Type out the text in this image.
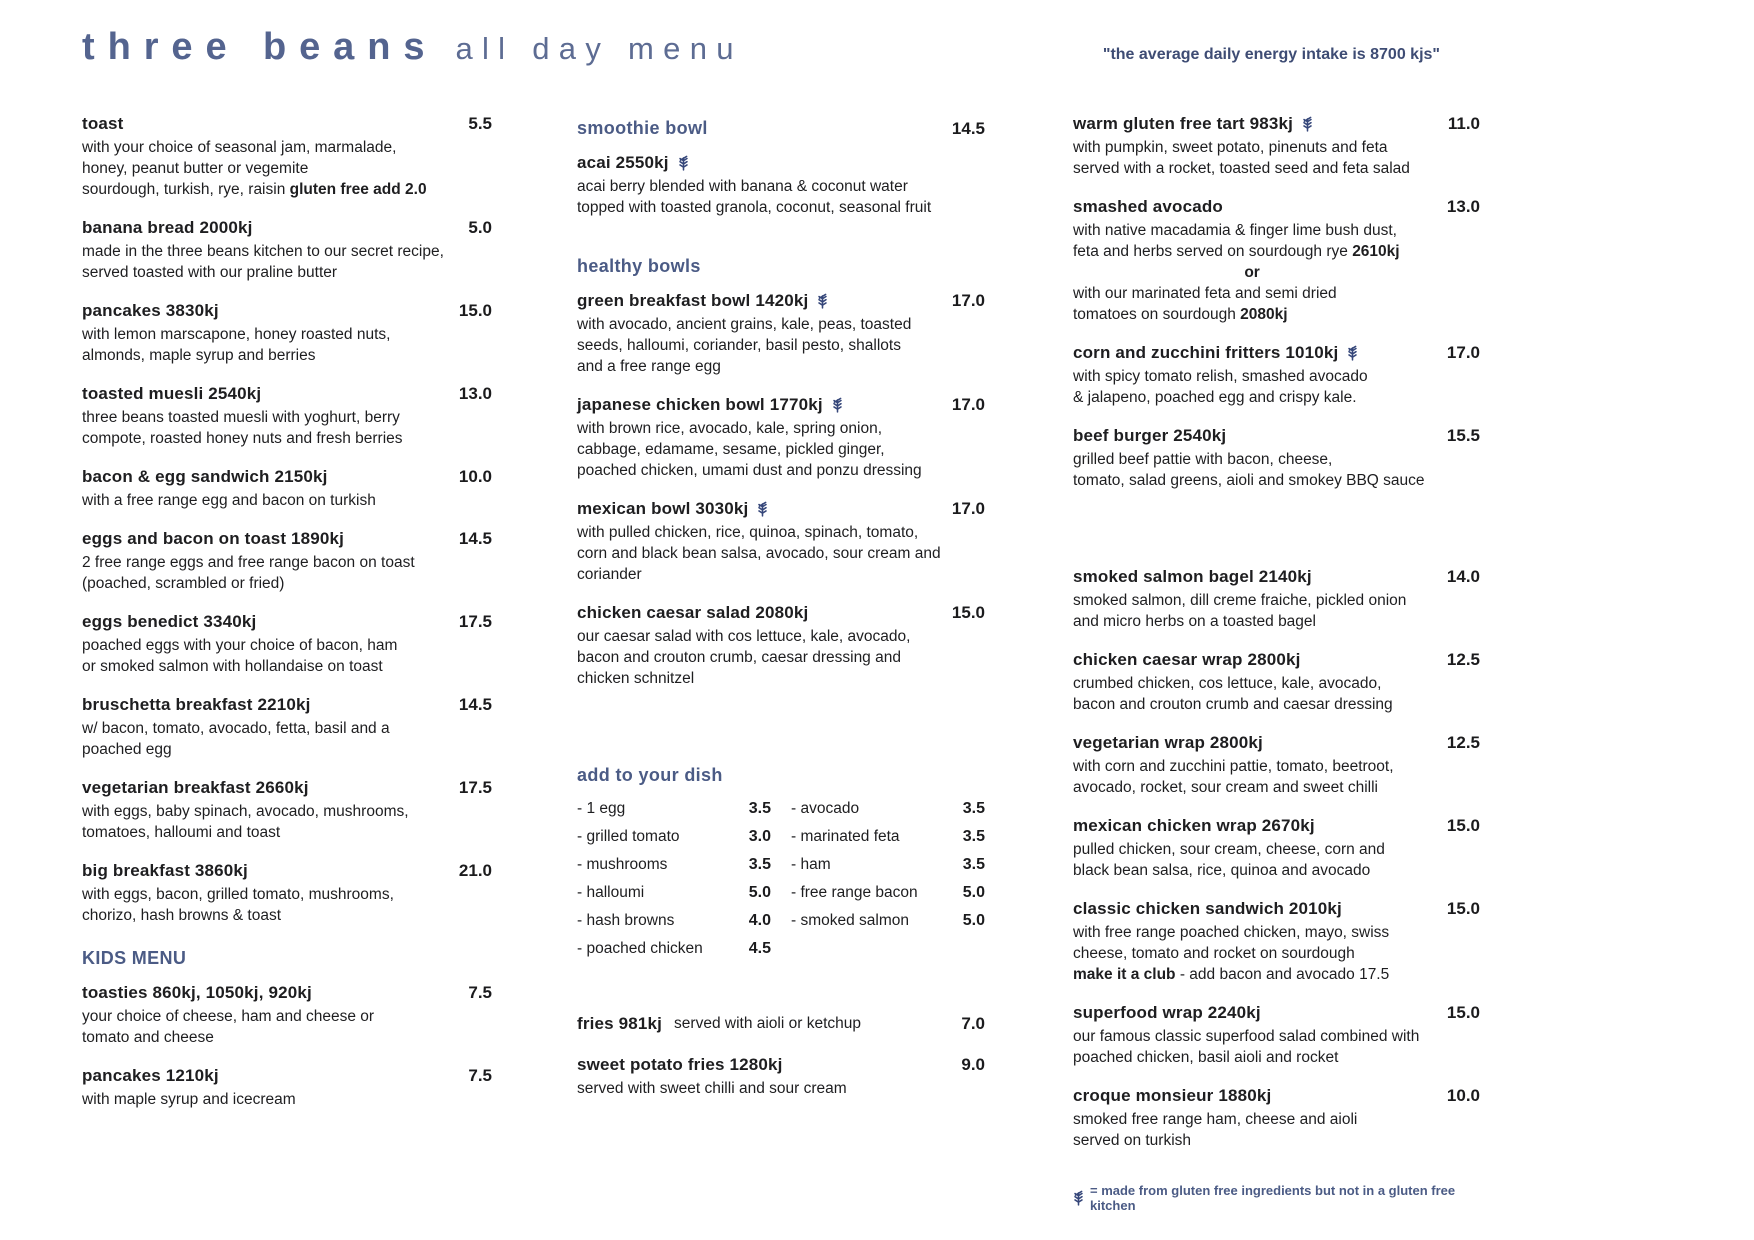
three beans all day menu	"the average daily energy intake is 8700 kjs"
toast	5.5
with your choice of seasonal jam, marmalade,
honey, peanut butter or vegemite
sourdough, turkish, rye, raisin gluten free add 2.0
banana bread 2000kj	5.0
made in the three beans kitchen to our secret recipe,
served toasted with our praline butter
pancakes 3830kj	15.0
with lemon marscapone, honey roasted nuts,
almonds, maple syrup and berries
toasted muesli 2540kj	13.0
three beans toasted muesli with yoghurt, berry
compote, roasted honey nuts and fresh berries
bacon & egg sandwich 2150kj	10.0
with a free range egg and bacon on turkish
eggs and bacon on toast 1890kj	14.5
2 free range eggs and free range bacon on toast
(poached, scrambled or fried)
eggs benedict 3340kj	17.5
poached eggs with your choice of bacon, ham
or smoked salmon with hollandaise on toast
bruschetta breakfast 2210kj	14.5
w/ bacon, tomato, avocado, fetta, basil and a
poached egg
vegetarian breakfast 2660kj	17.5
with eggs, baby spinach, avocado, mushrooms,
tomatoes, halloumi and toast
big breakfast 3860kj	21.0
with eggs, bacon, grilled tomato, mushrooms,
chorizo, hash browns & toast
KIDS MENU
toasties 860kj, 1050kj, 920kj	7.5
your choice of cheese, ham and cheese or
tomato and cheese
pancakes 1210kj	7.5
with maple syrup and icecream
smoothie bowl	14.5
acai 2550kj
acai berry blended with banana & coconut water
topped with toasted granola, coconut, seasonal fruit
healthy bowls
green breakfast bowl 1420kj	17.0
with avocado, ancient grains, kale, peas, toasted
seeds, halloumi, coriander, basil pesto, shallots
and a free range egg
japanese chicken bowl 1770kj	17.0
with brown rice, avocado, kale, spring onion,
cabbage, edamame, sesame, pickled ginger,
poached chicken, umami dust and ponzu dressing
mexican bowl 3030kj	17.0
with pulled chicken, rice, quinoa, spinach, tomato,
corn and black bean salsa, avocado, sour cream and
coriander
chicken caesar salad 2080kj	15.0
our caesar salad with cos lettuce, kale, avocado,
bacon and crouton crumb, caesar dressing and
chicken schnitzel
add to your dish
- 1 egg	3.5
- grilled tomato	3.0
- mushrooms	3.5
- halloumi	5.0
- hash browns	4.0
- poached chicken	4.5
- avocado	3.5
- marinated feta	3.5
- ham	3.5
- free range bacon	5.0
- smoked salmon	5.0
fries 981kj served with aioli or ketchup	7.0
sweet potato fries 1280kj	9.0
served with sweet chilli and sour cream
warm gluten free tart 983kj	11.0
with pumpkin, sweet potato, pinenuts and feta
served with a rocket, toasted seed and feta salad
smashed avocado	13.0
with native macadamia & finger lime bush dust,
feta and herbs served on sourdough rye 2610kj
or
with our marinated feta and semi dried
tomatoes on sourdough 2080kj
corn and zucchini fritters 1010kj	17.0
with spicy tomato relish, smashed avocado
& jalapeno, poached egg and crispy kale.
beef burger 2540kj	15.5
grilled beef pattie with bacon, cheese,
tomato, salad greens, aioli and smokey BBQ sauce
smoked salmon bagel 2140kj	14.0
smoked salmon, dill creme fraiche, pickled onion
and micro herbs on a toasted bagel
chicken caesar wrap 2800kj	12.5
crumbed chicken, cos lettuce, kale, avocado,
bacon and crouton crumb and caesar dressing
vegetarian wrap 2800kj	12.5
with corn and zucchini pattie, tomato, beetroot,
avocado, rocket, sour cream and sweet chilli
mexican chicken wrap 2670kj	15.0
pulled chicken, sour cream, cheese, corn and
black bean salsa, rice, quinoa and avocado
classic chicken sandwich 2010kj	15.0
with free range poached chicken, mayo, swiss
cheese, tomato and rocket on sourdough
make it a club - add bacon and avocado 17.5
superfood wrap 2240kj	15.0
our famous classic superfood salad combined with
poached chicken, basil aioli and rocket
croque monsieur 1880kj	10.0
smoked free range ham, cheese and aioli
served on turkish
= made from gluten free ingredients but not in a gluten free kitchen
